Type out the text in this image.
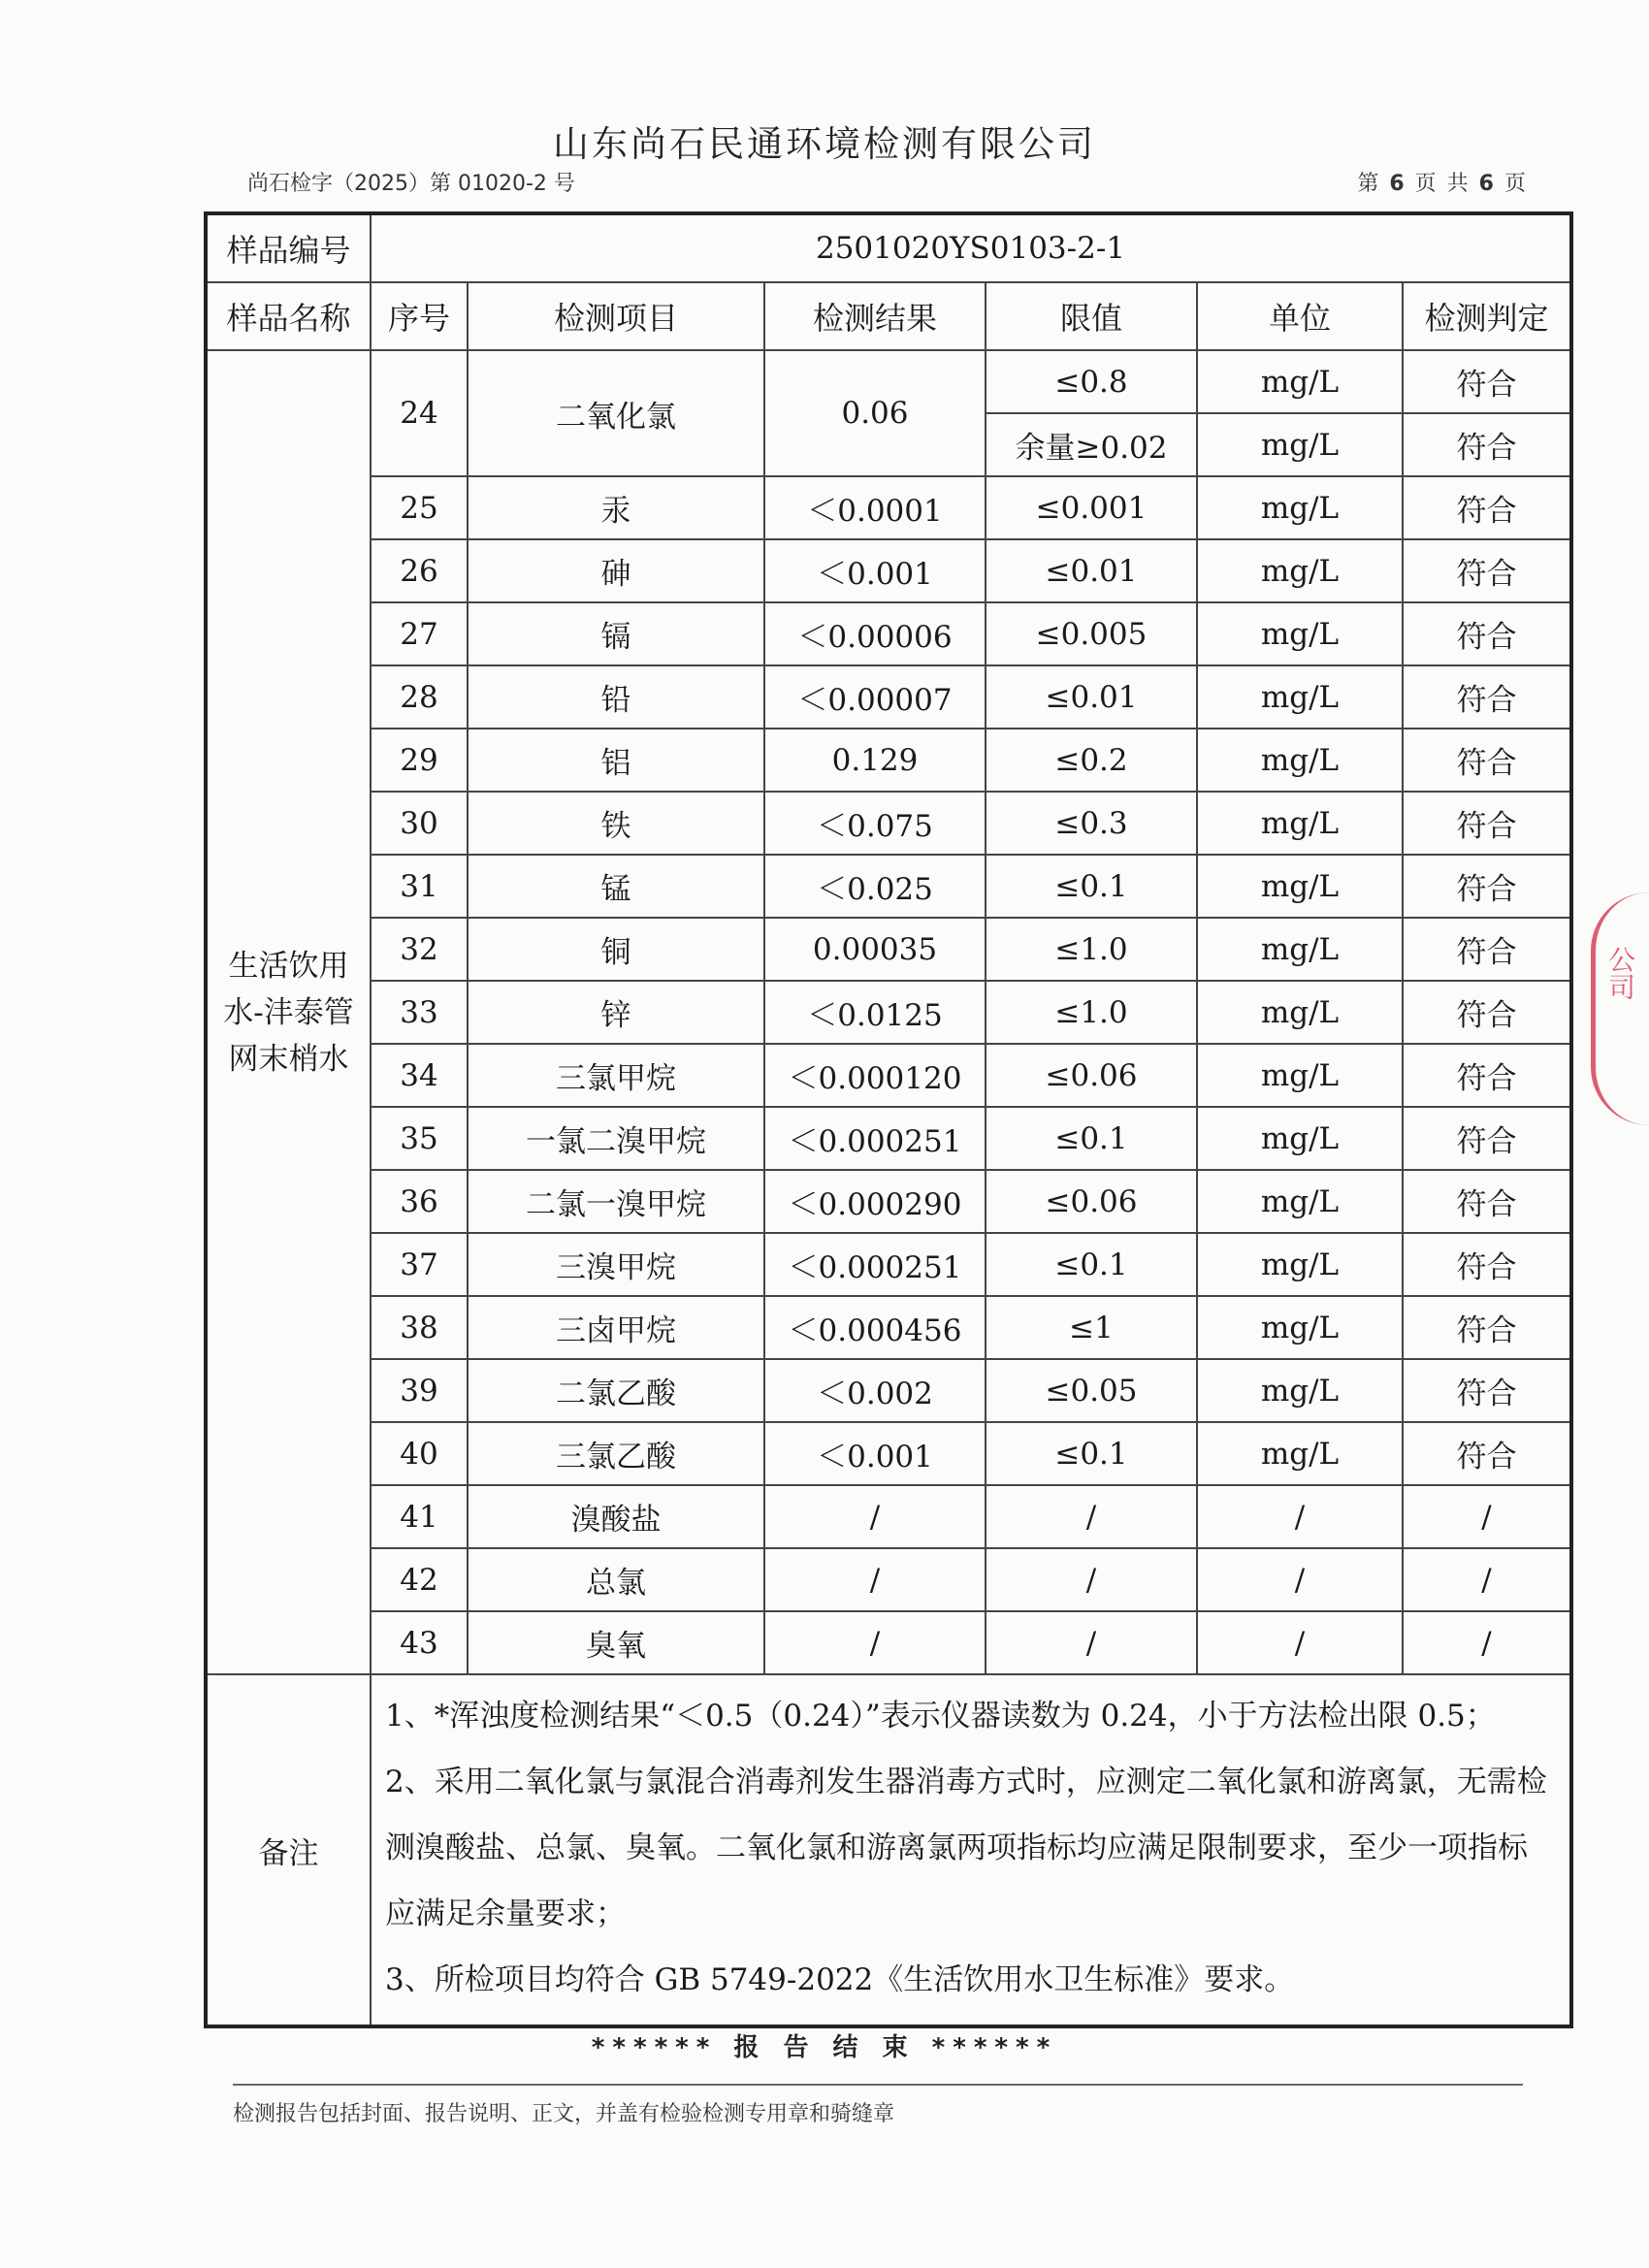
山东尚石民通环境检测有限公司
尚石检字（2025）第 01020-2 号	第 6 页 共 6 页
样品编号	2501020YS0103-2-1					
样品名称	序号	检测项目	检测结果	限值	单位	检测判定
生活饮用水-沣泰管网末梢水	24	二氧化氯	0.06	≤0.8	mg/L	符合
				余量≥0.02	mg/L	符合
	25	汞	＜0.0001	≤0.001	mg/L	符合
	26	砷	＜0.001	≤0.01	mg/L	符合
	27	镉	＜0.00006	≤0.005	mg/L	符合
	28	铅	＜0.00007	≤0.01	mg/L	符合
	29	铝	0.129	≤0.2	mg/L	符合
	30	铁	＜0.075	≤0.3	mg/L	符合
	31	锰	＜0.025	≤0.1	mg/L	符合
	32	铜	0.00035	≤1.0	mg/L	符合
	33	锌	＜0.0125	≤1.0	mg/L	符合
	34	三氯甲烷	＜0.000120	≤0.06	mg/L	符合
	35	一氯二溴甲烷	＜0.000251	≤0.1	mg/L	符合
	36	二氯一溴甲烷	＜0.000290	≤0.06	mg/L	符合
	37	三溴甲烷	＜0.000251	≤0.1	mg/L	符合
	38	三卤甲烷	＜0.000456	≤1	mg/L	符合
	39	二氯乙酸	＜0.002	≤0.05	mg/L	符合
	40	三氯乙酸	＜0.001	≤0.1	mg/L	符合
	41	溴酸盐	/	/	/	/
	42	总氯	/	/	/	/
	43	臭氧	/	/	/	/
备注	1、*浑浊度检测结果“＜0.5（0.24）”表示仪器读数为 0.24，小于方法检出限 0.5；
2、采用二氧化氯与氯混合消毒剂发生器消毒方式时，应测定二氧化氯和游离氯，无需检测溴酸盐、总氯、臭氧。二氧化氯和游离氯两项指标均应满足限制要求，至少一项指标应满足余量要求；
3、所检项目均符合 GB 5749-2022《生活饮用水卫生标准》要求。					
****** 报 告 结 束 ******
检测报告包括封面、报告说明、正文，并盖有检验检测专用章和骑缝章
公司
